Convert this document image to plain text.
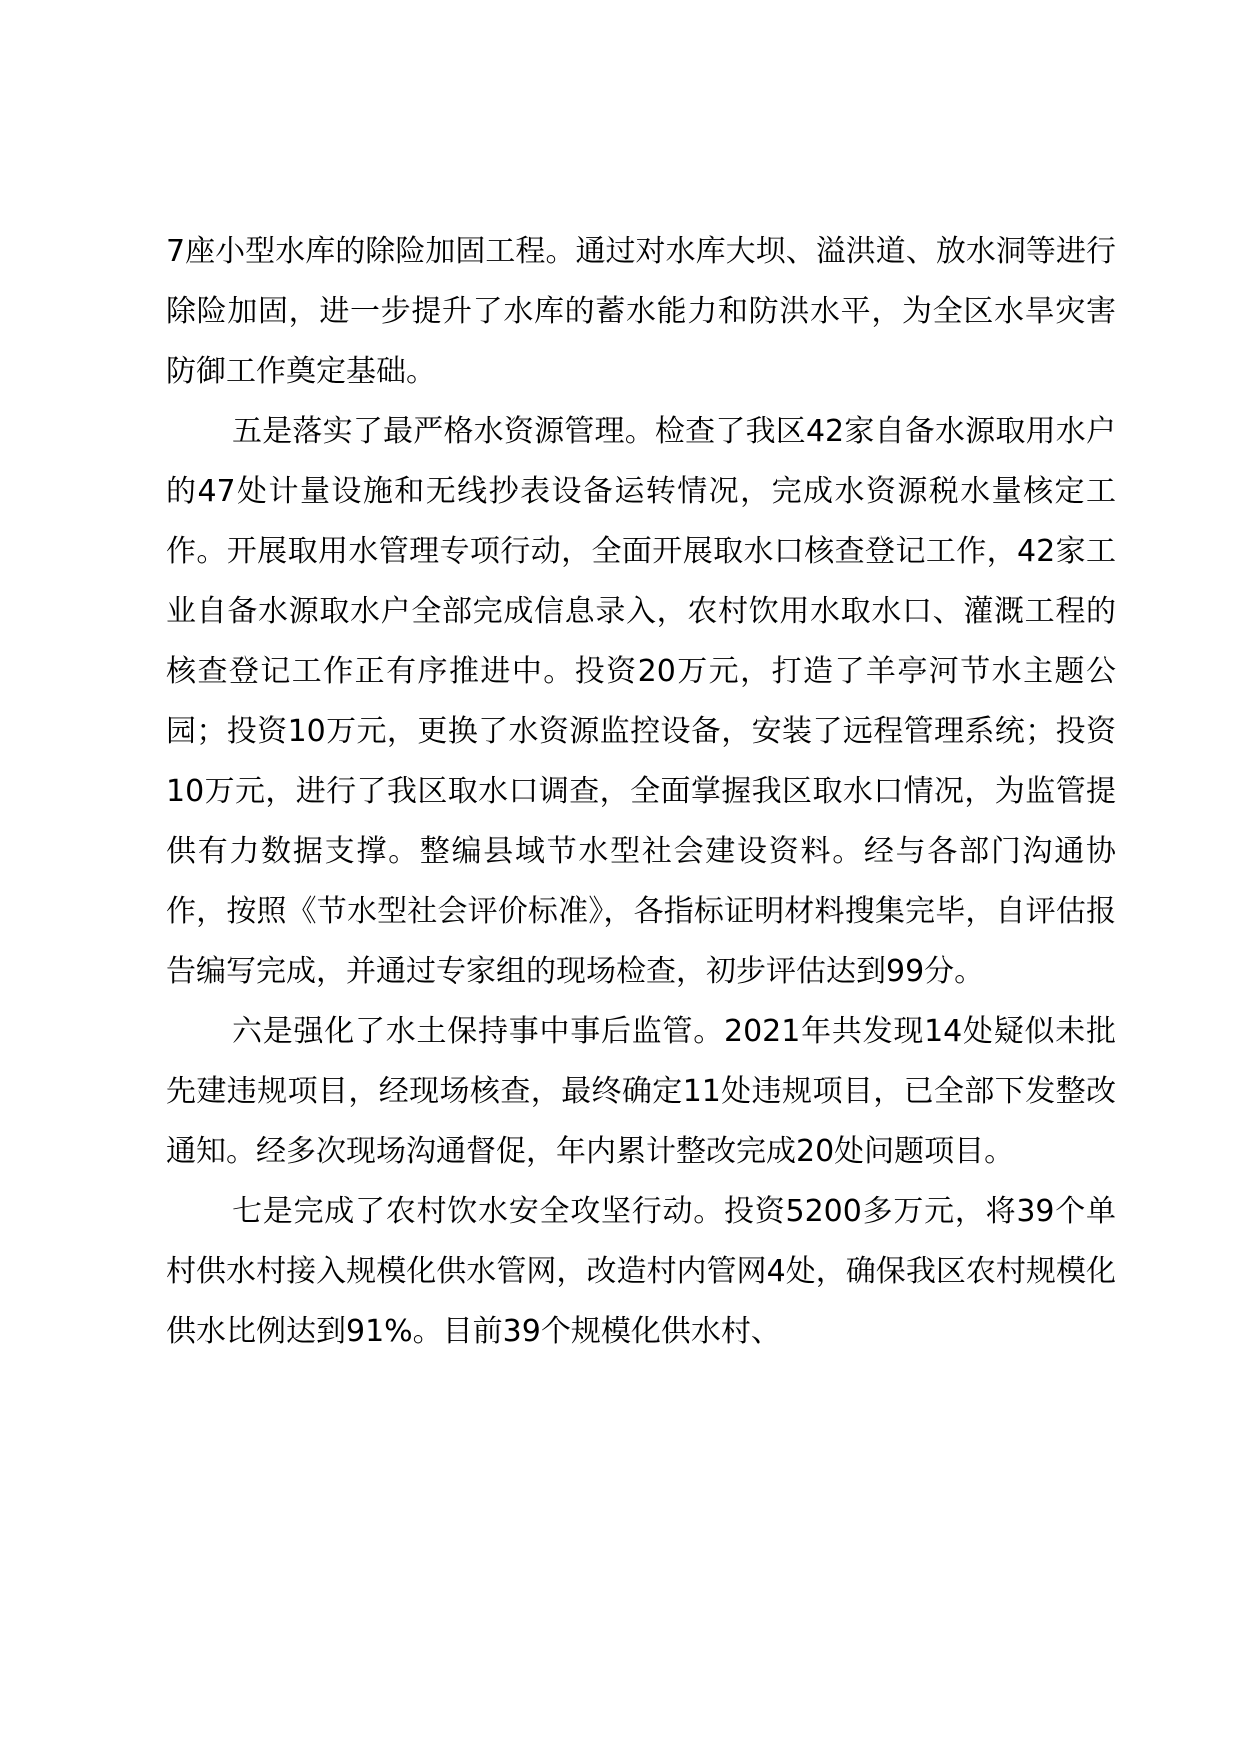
7座小型水库的除险加固工程。通过对水库大坝、溢洪道、放水洞等进行除险加固，进一步提升了水库的蓄水能力和防洪水平，为全区水旱灾害防御工作奠定基础。

五是落实了最严格水资源管理。检查了我区42家自备水源取用水户的47处计量设施和无线抄表设备运转情况，完成水资源税水量核定工作。开展取用水管理专项行动，全面开展取水口核查登记工作，42家工业自备水源取水户全部完成信息录入，农村饮用水取水口、灌溉工程的核查登记工作正有序推进中。投资20万元，打造了羊亭河节水主题公园；投资10万元，更换了水资源监控设备，安装了远程管理系统；投资10万元，进行了我区取水口调查，全面掌握我区取水口情况，为监管提供有力数据支撑。整编县域节水型社会建设资料。经与各部门沟通协作，按照《节水型社会评价标准》，各指标证明材料搜集完毕，自评估报告编写完成，并通过专家组的现场检查，初步评估达到99分。

六是强化了水土保持事中事后监管。2021年共发现14处疑似未批先建违规项目，经现场核查，最终确定11处违规项目，已全部下发整改通知。经多次现场沟通督促，年内累计整改完成20处问题项目。

七是完成了农村饮水安全攻坚行动。投资5200多万元，将39个单村供水村接入规模化供水管网，改造村内管网4处，确保我区农村规模化供水比例达到91%。目前39个规模化供水村、
